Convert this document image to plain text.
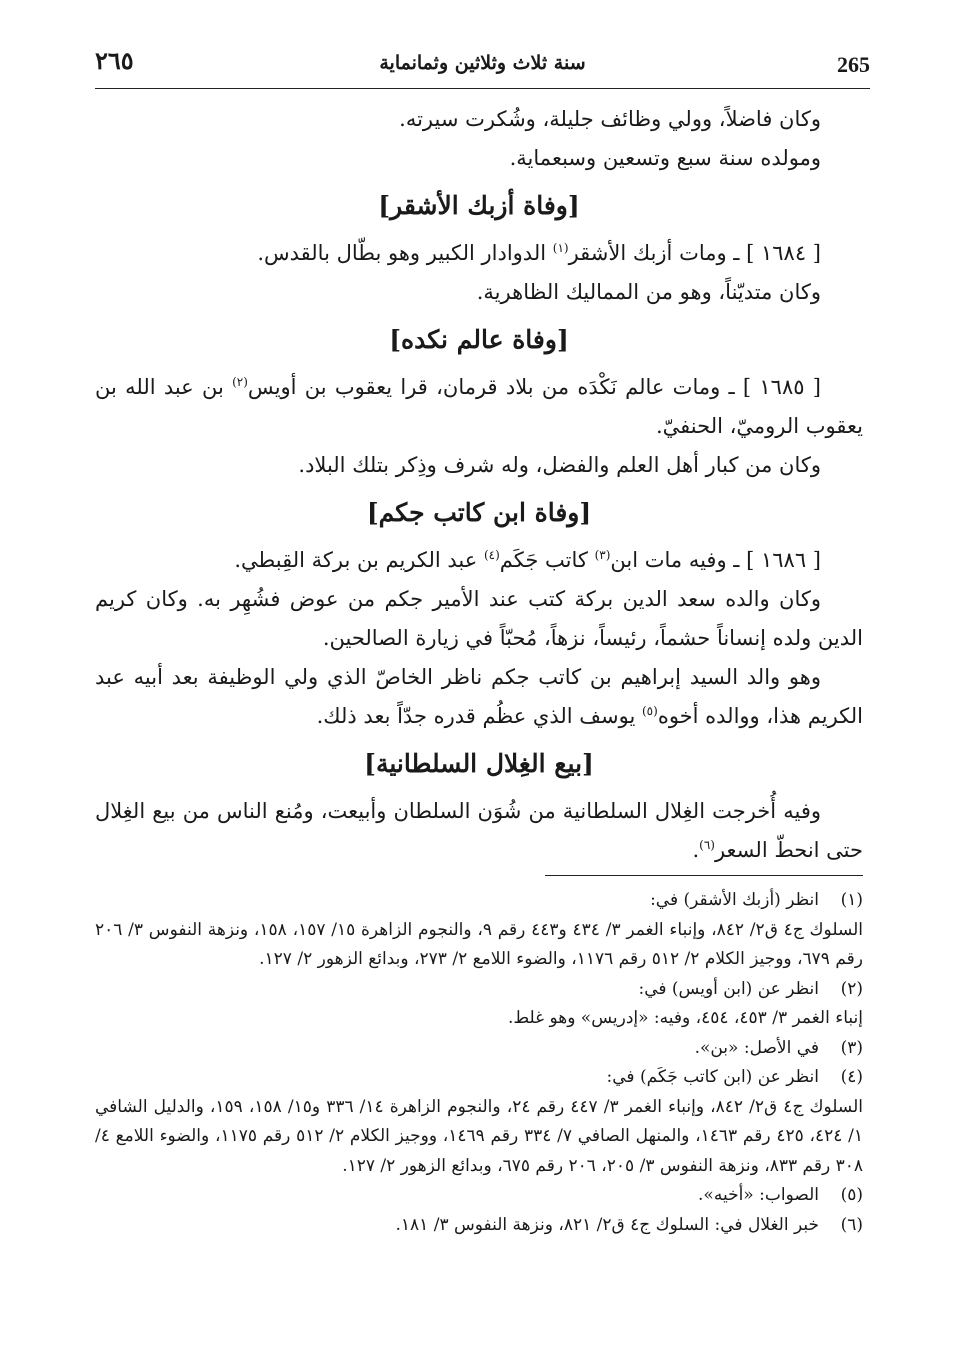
٢٦٥	سنة ثلاث وثلاثين وثمانماية	265

وكان فاضلاً، وولي وظائف جليلة، وشُكرت سيرته.

ومولده سنة سبع وتسعين وسبعماية.

[وفاة أزبك الأشقر]

[ ١٦٨٤ ] ـ ومات أزبك الأشقر$^{(١)}$ الدوادار الكبير وهو بطّال بالقدس.

وكان متديّناً، وهو من المماليك الظاهرية.

[وفاة عالم نكده]

[ ١٦٨٥ ] ـ ومات عالم نَكْدَه من بلاد قرمان، قرا يعقوب بن أويس$^{(٢)}$ بن عبد الله بن يعقوب الروميّ، الحنفيّ.

وكان من كبار أهل العلم والفضل، وله شرف وذِكر بتلك البلاد.

[وفاة ابن كاتب جكم]

[ ١٦٨٦ ] ـ وفيه مات ابن$^{(٣)}$ كاتب جَكَم$^{(٤)}$ عبد الكريم بن بركة القِبطي.

وكان والده سعد الدين بركة كتب عند الأمير جكم من عوض فشُهِر به. وكان كريم الدين ولده إنساناً حشماً، رئيساً، نزهاً، مُحبّاً في زيارة الصالحين.

وهو والد السيد إبراهيم بن كاتب جكم ناظر الخاصّ الذي ولي الوظيفة بعد أبيه عبد الكريم هذا، ووالده أخوه$^{(٥)}$ يوسف الذي عظُم قدره جدّاً بعد ذلك.

[بيع الغِلال السلطانية]

وفيه أُخرجت الغِلال السلطانية من شُوَن السلطان وأبيعت، ومُنع الناس من بيع الغِلال حتى انحطّ السعر$^{(٦)}$.

(١)انظر (أزبك الأشقر) في:

السلوك ج٤ ق٢/ ٨٤٢، وإنباء الغمر ٣/ ٤٣٤ و٤٤٣ رقم ٩، والنجوم الزاهرة ١٥/ ١٥٧، ١٥٨، ونزهة النفوس ٣/ ٢٠٦ رقم ٦٧٩، ووجيز الكلام ٢/ ٥١٢ رقم ١١٧٦، والضوء اللامع ٢/ ٢٧٣، وبدائع الزهور ٢/ ١٢٧.

(٢)انظر عن (ابن أويس) في:

إنباء الغمر ٣/ ٤٥٣، ٤٥٤، وفيه: «إدريس» وهو غلط.

(٣)في الأصل: «بن».

(٤)انظر عن (ابن كاتب جَكَم) في:

السلوك ج٤ ق٢/ ٨٤٢، وإنباء الغمر ٣/ ٤٤٧ رقم ٢٤، والنجوم الزاهرة ١٤/ ٣٣٦ و١٥/ ١٥٨، ١٥٩، والدليل الشافي ١/ ٤٢٤، ٤٢٥ رقم ١٤٦٣، والمنهل الصافي ٧/ ٣٣٤ رقم ١٤٦٩، ووجيز الكلام ٢/ ٥١٢ رقم ١١٧٥، والضوء اللامع ٤/ ٣٠٨ رقم ٨٣٣، ونزهة النفوس ٣/ ٢٠٥، ٢٠٦ رقم ٦٧٥، وبدائع الزهور ٢/ ١٢٧.

(٥)الصواب: «أخيه».

(٦)خبر الغلال في: السلوك ج٤ ق٢/ ٨٢١، ونزهة النفوس ٣/ ١٨١.
